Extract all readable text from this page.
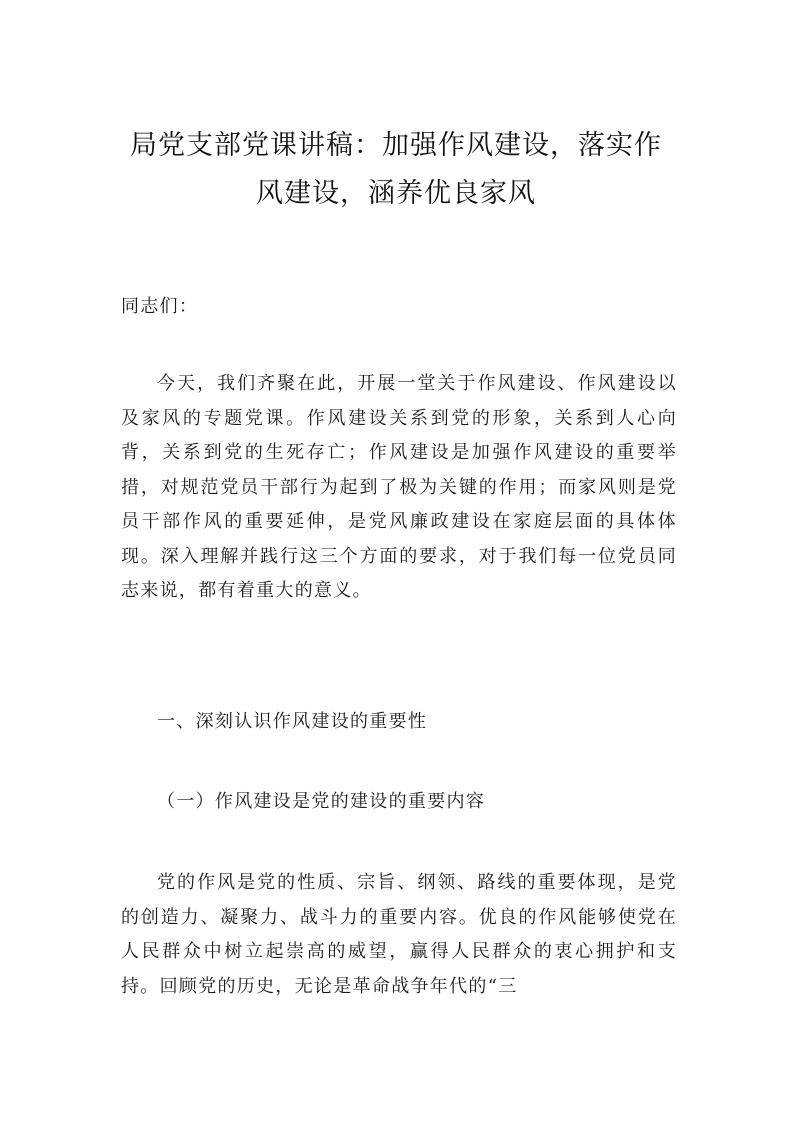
局党支部党课讲稿：加强作风建设，落实作风建设，涵养优良家风

同志们：

今天，我们齐聚在此，开展一堂关于作风建设、作风建设以及家风的专题党课。作风建设关系到党的形象，关系到人心向背，关系到党的生死存亡；作风建设是加强作风建设的重要举措，对规范党员干部行为起到了极为关键的作用；而家风则是党员干部作风的重要延伸，是党风廉政建设在家庭层面的具体体现。深入理解并践行这三个方面的要求，对于我们每一位党员同志来说，都有着重大的意义。

一、深刻认识作风建设的重要性

（一）作风建设是党的建设的重要内容

党的作风是党的性质、宗旨、纲领、路线的重要体现，是党的创造力、凝聚力、战斗力的重要内容。优良的作风能够使党在人民群众中树立起崇高的威望，赢得人民群众的衷心拥护和支持。回顾党的历史，无论是革命战争年代的“三
